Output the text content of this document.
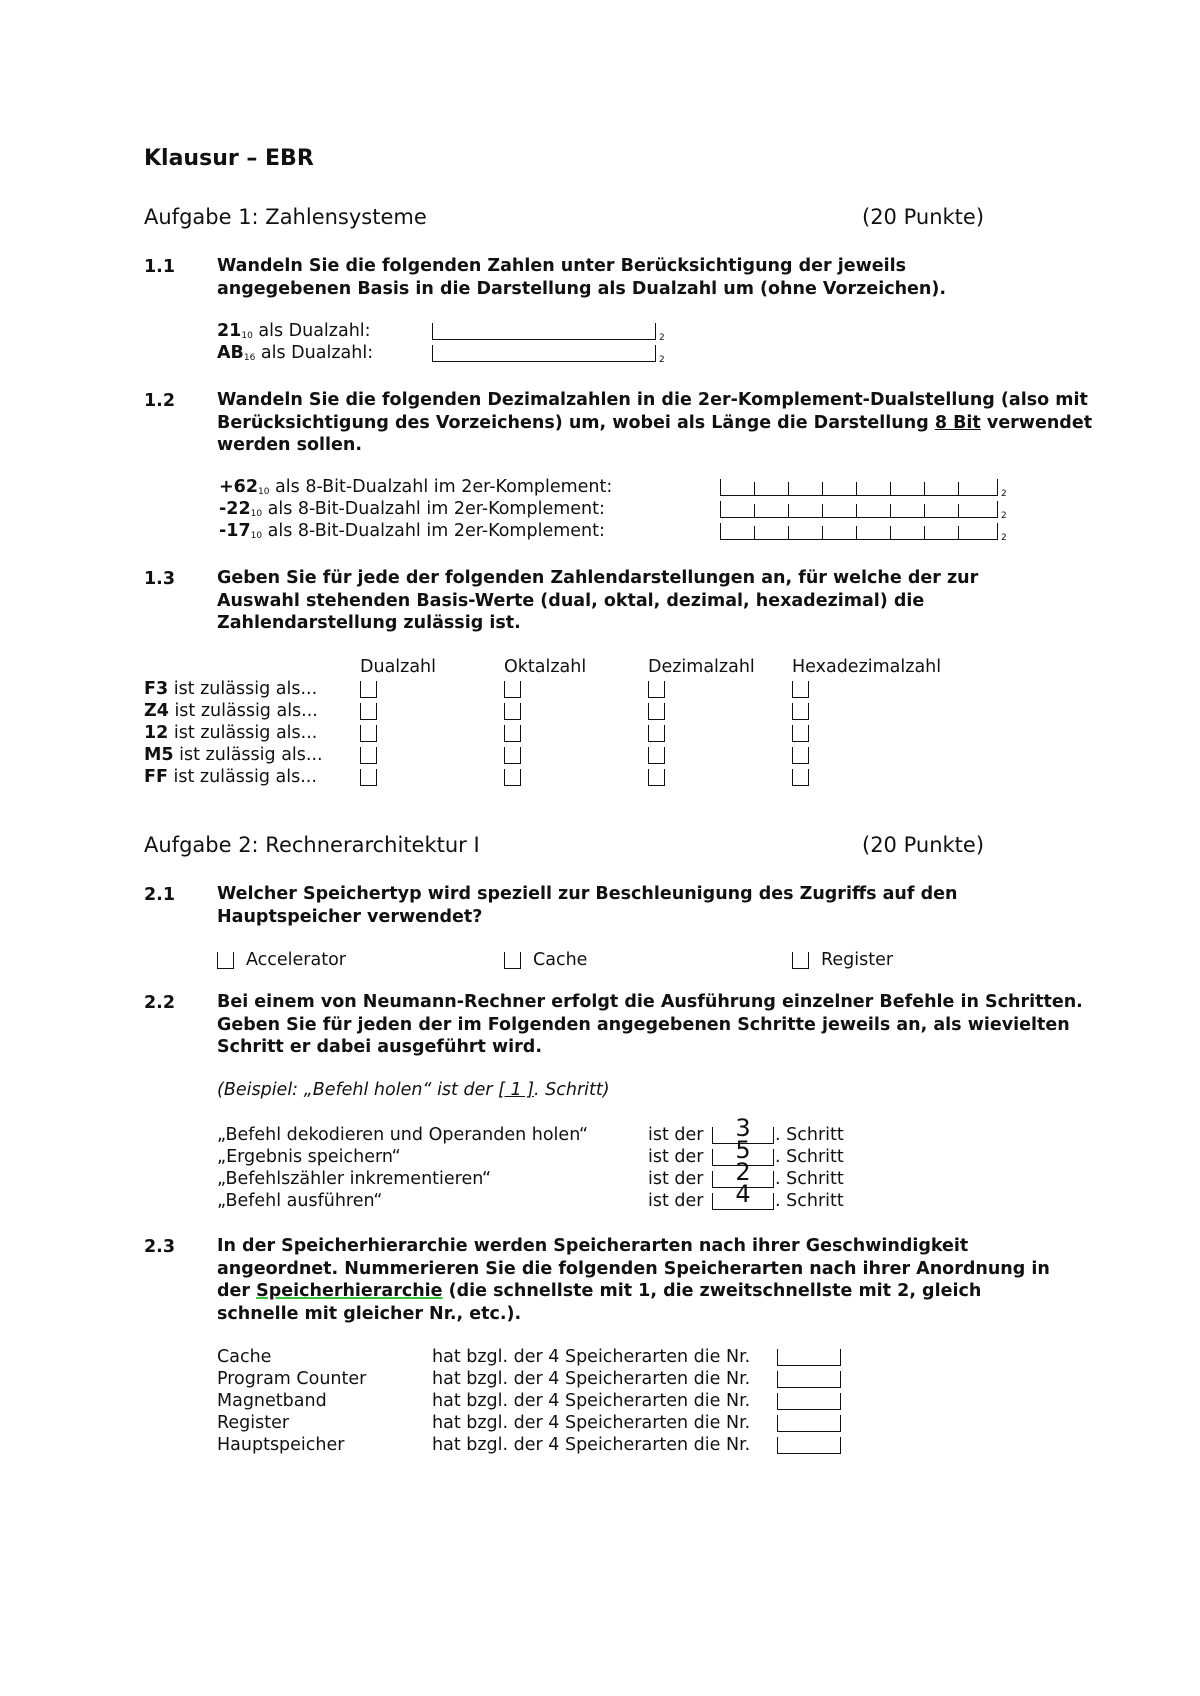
Klausur – EBR
Aufgabe 1: Zahlensysteme	(20 Punkte)
1.1 Wandeln Sie die folgenden Zahlen unter Berücksichtigung der jeweils angegebenen Basis in die Darstellung als Dualzahl um (ohne Vorzeichen).
$21_{10}$ als Dualzahl:	2
$AB_{16}$ als Dualzahl:	2
1.2 Wandeln Sie die folgenden Dezimalzahlen in die 2er-Komplement-Dualstellung (also mit Berücksichtigung des Vorzeichens) um, wobei als Länge die Darstellung 8 Bit verwendet werden sollen.
$+62_{10}$ als 8-Bit-Dualzahl im 2er-Komplement:	2
$-22_{10}$ als 8-Bit-Dualzahl im 2er-Komplement:	2
$-17_{10}$ als 8-Bit-Dualzahl im 2er-Komplement:	2
1.3 Geben Sie für jede der folgenden Zahlendarstellungen an, für welche der zur Auswahl stehenden Basis-Werte (dual, oktal, dezimal, hexadezimal) die Zahlendarstellung zulässig ist.
Dualzahl	Oktalzahl	Dezimalzahl Hexadezimalzahl
F3 ist zulässig als...
Z4 ist zulässig als...
12 ist zulässig als...
M5 ist zulässig als...
FF ist zulässig als...
Aufgabe 2: Rechnerarchitektur I	(20 Punkte)
2.1 Welcher Speichertyp wird speziell zur Beschleunigung des Zugriffs auf den Hauptspeicher verwendet?
Accelerator	Cache	Register
2.2 Bei einem von Neumann-Rechner erfolgt die Ausführung einzelner Befehle in Schritten. Geben Sie für jeden der im Folgenden angegebenen Schritte jeweils an, als wievielten Schritt er dabei ausgeführt wird.
(Beispiel: „Befehl holen“ ist der [ 1 ]. Schritt)
„Befehl dekodieren und Operanden holen“	ist der	3	. Schritt
„Ergebnis speichern“	ist der	5	. Schritt
„Befehlszähler inkrementieren“	ist der	2	. Schritt
„Befehl ausführen“	ist der	4	. Schritt
2.3 In der Speicherhierarchie werden Speicherarten nach ihrer Geschwindigkeit angeordnet. Nummerieren Sie die folgenden Speicherarten nach ihrer Anordnung in der Speicherhierarchie (die schnellste mit 1, die zweitschnellste mit 2, gleich schnelle mit gleicher Nr., etc.).
Cache	hat bzgl. der 4 Speicherarten die Nr.
Program Counter	hat bzgl. der 4 Speicherarten die Nr.
Magnetband	hat bzgl. der 4 Speicherarten die Nr.
Register	hat bzgl. der 4 Speicherarten die Nr.
Hauptspeicher	hat bzgl. der 4 Speicherarten die Nr.
